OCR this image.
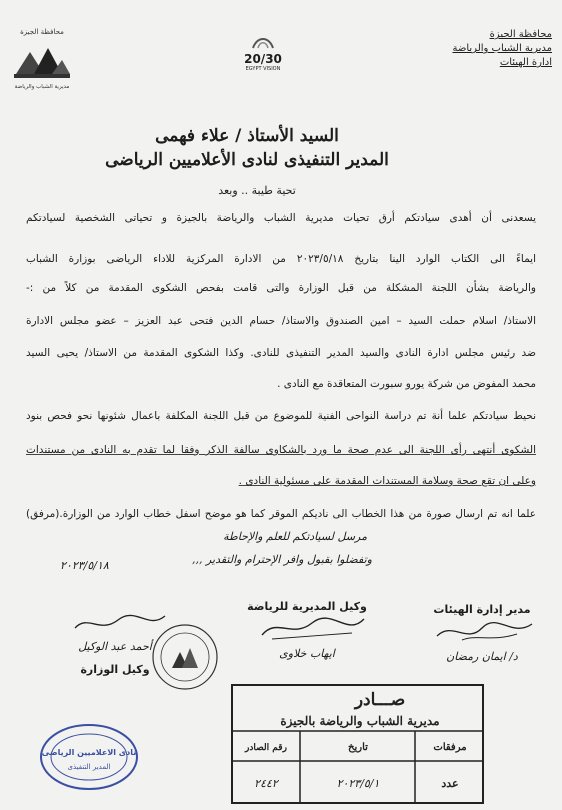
محافظة الجيزة
مديرية الشباب والرياضة
ادارة الهيئات
محافظة الجيزة
مديرية الشباب والرياضة
20/30
EGYPT VISION
السيد الأستاذ / علاء فهمى
المدير التنفيذى لنادى الأعلاميين الرياضى
تحية طيبة .. وبعد
يسعدنى أن أهدى سيادتكم أرق تحيات مديرية الشباب والرياضة بالجيزة و تحياتى الشخصية لسيادتكم
ايماءً الى الكتاب الوارد الينا بتاريخ ٢٠٢٣/٥/١٨ من الادارة المركزية للاداء الرياضى بوزارة الشباب
والرياضة بشأن اللجنة المشكلة من قبل الوزارة والتى قامت بفحص الشكوى المقدمة من كلاً من :-
الاستاذ/ اسلام حملت السيد – امين الصندوق والاستاذ/ حسام الدين فتحى عبد العزيز – عضو مجلس الادارة
ضد رئيس مجلس ادارة النادى والسيد المدير التنفيذى للنادى. وكذا الشكوى المقدمة من الاستاذ/ يحيى السيد
محمد المفوض من شركة يورو سبورت المتعاقدة مع النادى .
نحيط سيادتكم علما أنة تم دراسة النواحى الفنية للموضوع من قبل اللجنة المكلفة باعمال شئونها نحو فحص بنود
الشكوى أنتهى رأى اللجنة الى عدم صحة ما ورد بالشكاوى سالفة الذكر وفقا لما تقدم به النادى من مستندات
وعلى ان تقع صحة وسلامة المستندات المقدمة على مسئولية النادى .
علما انه تم ارسال صورة من هذا الخطاب الى ناديكم الموقر كما هو موضح اسفل خطاب الوارد من الوزارة.(مرفق)
مرسل لسيادتكم للعلم والإحاطة
وتفضلوا بقبول وافر الإحترام والتقدير ,,,
٢٠٢٣/٥/١٨
مدير إدارة الهيئات
د/ ايمان رمضان
وكيل المديرية للرياضة
ايهاب خلاوى
أحمد عبد الوكيل
وكيل الوزارة
صـــادر
مديرية الشباب والرياضة بالجيزة
مرفقات
تاريخ
رقم الصادر
عدد
٢٠٢٣/٥/١
٢٤٤٢
نادى الاعلاميين الرياضى
المدير التنفيذى
